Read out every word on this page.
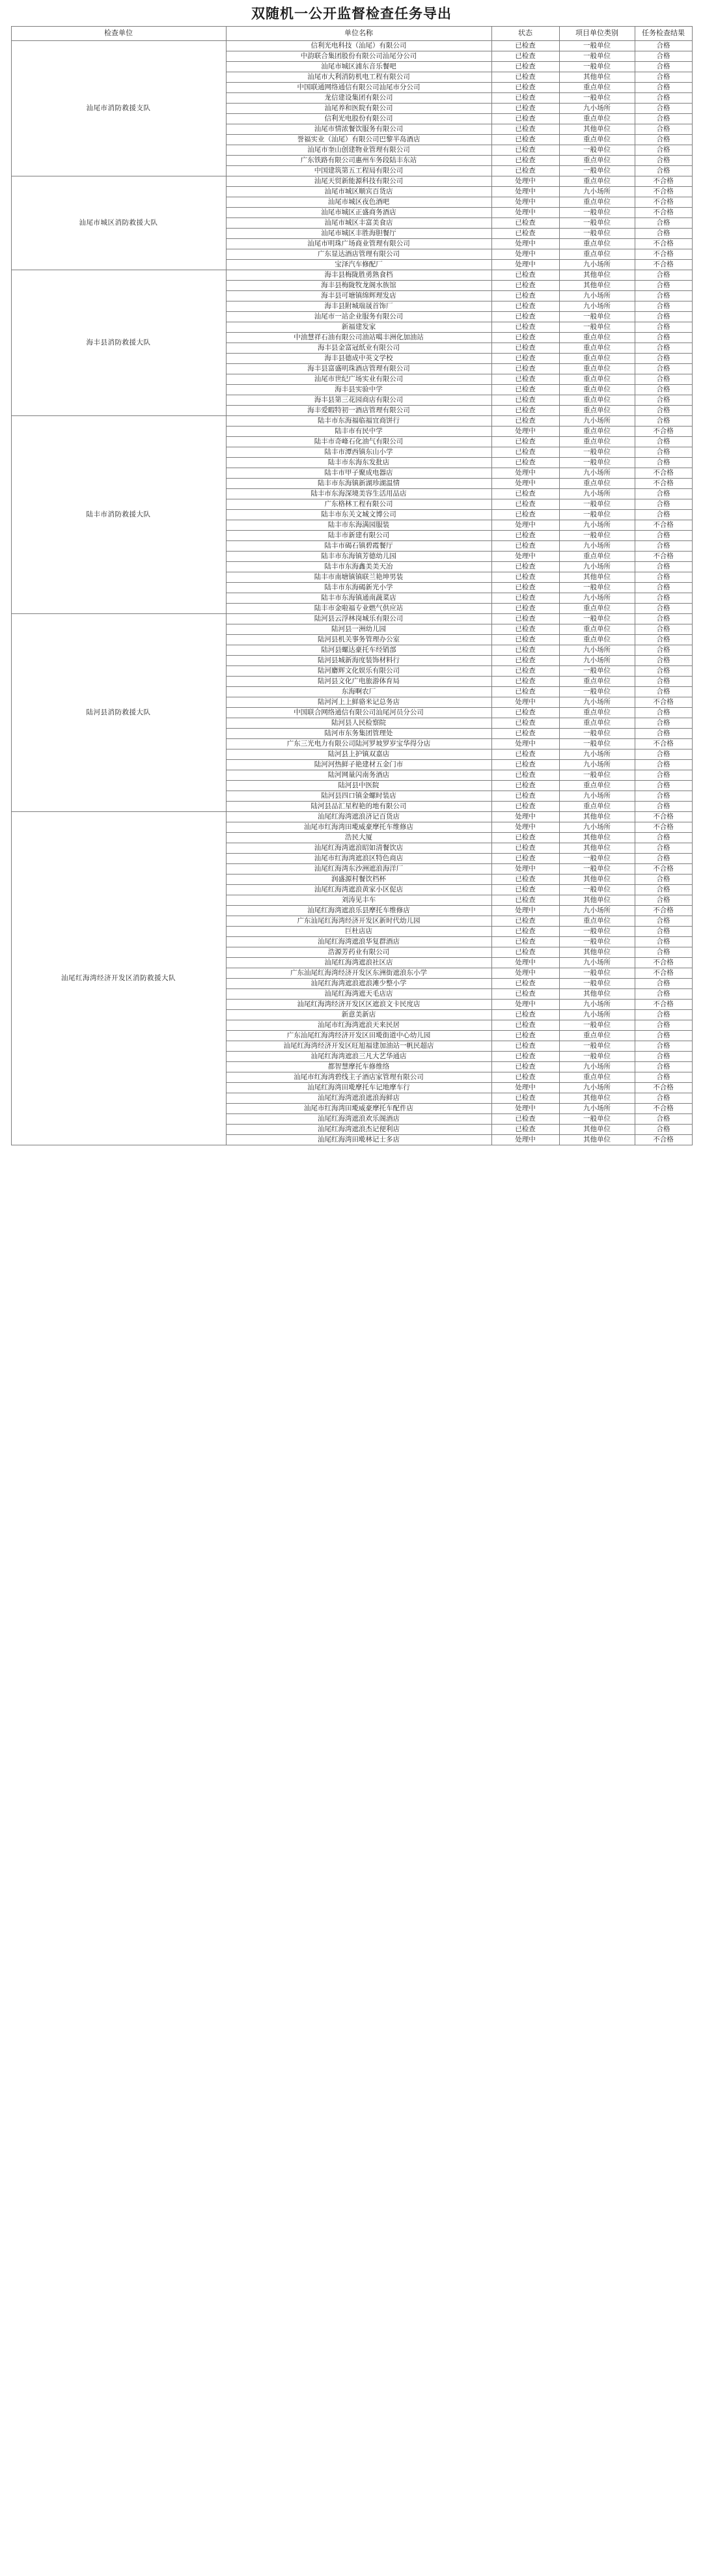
双随机一公开监督检查任务导出
检查单位	单位名称	状态	项目单位类别	任务检查结果
汕尾市消防救援支队	信利光电科技（汕尾）有限公司	已检查	一般单位	合格
	中韵联合集团股份有限公司汕尾分公司	已检查	一般单位	合格
	汕尾市城区浦东音乐餐吧	已检查	一般单位	合格
	汕尾市大利消防机电工程有限公司	已检查	其他单位	合格
	中国联通网络通信有限公司汕尾市分公司	已检查	重点单位	合格
	龙信建设集团有限公司	已检查	一般单位	合格
	汕尾养和医院有限公司	已检查	九小场所	合格
	信利光电股份有限公司	已检查	重点单位	合格
	汕尾市情浓餐饮服务有限公司	已检查	其他单位	合格
	誉福实业（汕尾）有限公司巴黎半岛酒店	已检查	重点单位	合格
	汕尾市奎山创建物业管理有限公司	已检查	一般单位	合格
	广东铁路有限公司惠州车务段陆丰东站	已检查	重点单位	合格
	中国建筑第五工程局有限公司	已检查	一般单位	合格
汕尾市城区消防救援大队	汕尾天贸新能源科技有限公司	处理中	重点单位	不合格
	汕尾市城区顺宾百货店	处理中	九小场所	不合格
	汕尾市城区夜色酒吧	处理中	重点单位	不合格
	汕尾市城区正盛商务酒店	处理中	一般单位	不合格
	汕尾市城区丰富美食店	已检查	一般单位	合格
	汕尾市城区丰胜海胆餐厅	已检查	一般单位	合格
	汕尾市明珠广场商业管理有限公司	处理中	重点单位	不合格
	广东显达酒店管理有限公司	处理中	重点单位	不合格
	宝泽汽车修配厂	处理中	九小场所	不合格
海丰县消防救援大队	海丰县梅陇胜勇熟食档	已检查	其他单位	合格
	海丰县梅陇牧龙阁水族馆	已检查	其他单位	合格
	海丰县可塘镇绵辉理发店	已检查	九小场所	合格
	海丰县附城瑞晟首饰厂	已检查	九小场所	合格
	汕尾市一站企业服务有限公司	已检查	一般单位	合格
	新福建发家	已检查	一般单位	合格
	中油慧祥石油有限公司油站噶丰洲化加油站	已检查	重点单位	合格
	海丰县金富冠纸业有限公司	已检查	重点单位	合格
	海丰县德成中英文学校	已检查	重点单位	合格
	海丰县富盛明珠酒店管理有限公司	已检查	重点单位	合格
	汕尾市世纪广场实业有限公司	已检查	重点单位	合格
	海丰县实验中学	已检查	重点单位	合格
	海丰县第三花园商店有限公司	已检查	重点单位	合格
	海丰爱暇特初一酒店管理有限公司	已检查	重点单位	合格
陆丰市消防救援大队	陆丰市东海福临福宜商饼行	已检查	九小场所	合格
	陆丰市有民中学	处理中	重点单位	不合格
	陆丰市奇峰石化油气有限公司	已检查	重点单位	合格
	陆丰市潭西镇东山小学	已检查	一般单位	合格
	陆丰市东海东发批店	已检查	一般单位	合格
	陆丰市甲子聚成电器店	处理中	九小场所	不合格
	陆丰市东海镇新湖珍湖温情	处理中	重点单位	不合格
	陆丰市东海深境美容生活用品店	已检查	九小场所	合格
	广东格林工程有限公司	已检查	一般单位	合格
	陆丰市东关文城文博公司	已检查	一般单位	合格
	陆丰市东海满园服装	处理中	九小场所	不合格
	陆丰市新建有限公司	已检查	一般单位	合格
	陆丰市碣石镇碧霞餐厅	已检查	九小场所	合格
	陆丰市东海镇芳德幼儿园	处理中	重点单位	不合格
	陆丰市东海鑫美美天冶	已检查	九小场所	合格
	陆丰市南塘镇镇联兰艳坤男装	已检查	其他单位	合格
	陆丰市东海碣新光小学	已检查	一般单位	合格
	陆丰市东海镇通南蔬菜店	已检查	九小场所	合格
	陆丰市金啦福专业燃气供应站	已检查	重点单位	合格
陆河县消防救援大队	陆河县云浮林岗城乐有限公司	已检查	一般单位	合格
	陆河县一洲幼儿园	已检查	重点单位	合格
	陆河县机关事务管理办公室	已检查	重点单位	合格
	陆河县螺达豪托车经销部	已检查	九小场所	合格
	陆河县城新海度装饰材料行	已检查	九小场所	合格
	陆河麝辉文化娱乐有限公司	已检查	一般单位	合格
	陆河县文化广电旅游体育局	已检查	重点单位	合格
	东海啊农厂	已检查	一般单位	合格
	陆河河上上鲜骆米记总务店	处理中	九小场所	不合格
	中国联合网络通信有限公司汕尾河员分公司	已检查	重点单位	合格
	陆河县人民检察院	已检查	重点单位	合格
	陆河市东务集团管理处	已检查	一般单位	合格
	广东三光电力有限公司陆河罗坡罗岁宝华得分店	处理中	一般单位	不合格
	陆河县上护镇双嘉店	已检查	九小场所	合格
	陆河河热鲜子艳建材五金门市	已检查	九小场所	合格
	陆河网量闪南务酒店	已检查	一般单位	合格
	陆河县中医院	已检查	重点单位	合格
	陆河县四口镇金螺时装店	已检查	九小场所	合格
	陆河县品汇星程艳的地有限公司	已检查	重点单位	合格
汕尾红海湾经济开发区消防救援大队	汕尾红海湾遮浪济记百货店	处理中	其他单位	不合格
	汕尾市红海湾田墘威豪摩托车维修店	处理中	九小场所	不合格
	浩民大厦	已检查	其他单位	合格
	汕尾红海湾遮浪昭如清餐饮店	已检查	其他单位	合格
	汕尾市红海湾遮浪区特色商店	已检查	一般单位	合格
	汕尾红海湾东沙洲遮浪海洋厂	处理中	一般单位	不合格
	润盛源村餐饮档杯	已检查	其他单位	合格
	汕尾红海湾遮浪黄家小区促店	已检查	一般单位	合格
	刘涛见丰车	已检查	其他单位	合格
	汕尾红海湾遮浪乐县摩托车维修店	处理中	九小场所	不合格
	广东汕尾红海湾经济开发区新时代幼儿园	已检查	重点单位	合格
	巨杜店店	已检查	一般单位	合格
	汕尾红海湾遮浪华复群酒店	已检查	一般单位	合格
	浩源芳药业有限公司	已检查	其他单位	合格
	汕尾红海湾遮浪社区店	处理中	九小场所	不合格
	广东汕尾红海湾经济开发区东洲街遮浪东小学	处理中	一般单位	不合格
	汕尾红海湾遮浪遮浪滩少整小学	已检查	一般单位	合格
	汕尾红海湾遮天毛店店	已检查	其他单位	合格
	汕尾红海湾经济开发区区遮浪文卡民度店	处理中	九小场所	不合格
	新意美新店	已检查	九小场所	合格
	汕尾市红海湾遮浪天来民居	已检查	一般单位	合格
	广东汕尾红海湾经济开发区田墘街道中心幼儿园	已检查	重点单位	合格
	汕尾红海湾经济开发区旺旭福建加油站一帆民超店	已检查	一般单位	合格
	汕尾红海湾遮浪三凡大艺华通店	已检查	一般单位	合格
	都智慧摩托车修维络	已检查	九小场所	合格
	汕尾市红海湾碧线主子酒店家管理有限公司	已检查	重点单位	合格
	汕尾红海湾田墘摩托车记地摩车行	处理中	九小场所	不合格
	汕尾红海湾遮浪遮浪海鲜店	已检查	其他单位	合格
	汕尾市红海湾田墘威豪摩托车配件店	处理中	九小场所	不合格
	汕尾红海湾遮浪欢乐阁酒店	已检查	一般单位	合格
	汕尾红海湾遮浪杰记便利店	已检查	其他单位	合格
	汕尾红海湾田墘林记士多店	处理中	其他单位	不合格
